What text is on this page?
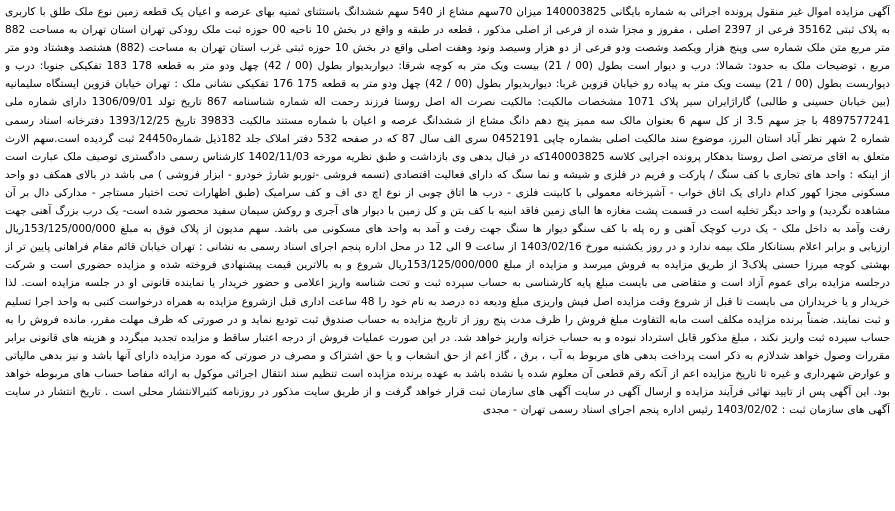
آگهی مزایده اموال غیر منقول پرونده اجرائی به شماره بایگانی 140003825 میزان 70سهم مشاع از 540 سهم ششدانگ باستثنای ثمنیه بهای عرصه و اعیان یک قطعه زمین نوع ملک طلق با کاربری به پلاک ثبتی 35162 فرعی از 2397 اصلی ، مفروز و مجزا شده از فرعی از اصلی مذکور ، قطعه در طبقه و واقع در بخش 10 ناحیه 00 حوزه ثبت ملک رودکی تهران استان تهران به مساحت 882 متر مربع متن ملک شماره سی وپنج هزار ویکصد وشصت ودو فرعی از دو هزار وسیصد ونود وهفت اصلی واقع در بخش 10 حوزه ثبتی غرب استان تهران به مساحت (882) هشتصد وهشتاد ودو متر مربع ، توضیحات ملک به حدود: شمالا: درب و دیوار است بطول (00 / 21) بیست ویک متر به کوچه شرقا: دیواربدیوار بطول (00 / 42) چهل ودو متر به قطعه 178 183 تفکیکی جنوبا: درب و دیواربست بطول (00 / 21) بیست ویک متر به پیاده رو خیابان قزوین غربا: دیواربدیوار بطول (00 / 42) چهل ودو متر به قطعه 175 176 تفکیکی نشانی ملک : تهران خیابان قزوین ایستگاه سلیمانیه (بین خیابان حسینی و طالبی) گاراژایران سیر پلاک 1071 مشخصات مالکیت: مالکیت نصرت اله اصل روستا فرزند رحمت اله شماره شناسنامه 867 تاریخ تولد 1306/09/01 دارای شماره ملی 4897577241 با جز سهم 3.5 از کل سهم 6 بعنوان مالک سه ممیز پنج دهم دانگ مشاع از ششدانگ عرصه و اعیان با شماره مستند مالکیت 39833 تاریخ 1393/12/25 دفترخانه اسناد رسمی شماره 2 شهر نظر آباد استان البرز، موضوع سند مالکیت اصلی بشماره چاپی 0452191 سری الف سال 87 که در صفحه 532 دفتر املاک جلد 182ذیل شماره24450 ثبت گردیده است.سهم الارث متعلق به اقای مرتضی اصل روستا بدهکار پرونده اجرایی کلاسه 140003825که در قبال بدهی وی بازداشت و طبق نظریه مورخه 1402/11/03 کارشناس رسمی دادگستری توصیف ملک عبارت است از اینکه : واحد های تجاری با کف سنگ / پارکت و فریم در فلزی و شیشه و نما سنگ که دارای فعالیت اقتصادی (تسمه فروشی -توربو شارژ خودرو - ابزار فروشی ) می باشد در بالای همکف دو واحد مسکونی مجزا کهور کدام دارای یک اتاق خواب - آشپزخانه معمولی با کابینت فلزی - درب ها اتاق چوبی از نوع اچ دی اف و کف سرامیک (طبق اظهارات تحت اختیار مستاجر - مدارکی دال بر آن مشاهده نگردید) و واحد دیگر تخلیه است در قسمت پشت مغازه ها البای زمین فاقد ابنیه با کف بتن و کل زمین با دیوار های آجری و روکش سیمان سفید محصور شده است- یک درب بزرگ آهنی جهت رفت وآمد به داخل ملک - یک درب کوچک آهنی و ره پله با کف سنگو دیوار ها سنگ جهت رفت و آمد به واحد های مسکونی می باشد. سهم مدیون از پلاک فوق به مبلغ 153/125/000/000ریال ارزیابی و برابر اعلام بستانکار ملک بیمه ندارد و در روز یکشنبه مورخ 1403/02/16 از ساعت 9 الی 12 در محل اداره پنجم اجرای اسناد رسمی به نشانی : تهران خیابان قائم مقام فراهانی پایین تر از بهشتی کوچه میرزا حسنی پلاک3 از طریق مزایده به فروش میرسد و مزایده از مبلغ 153/125/000/000ریال شروع و به بالاترین قیمت پیشنهادی فروخته شده و مزایده حضوری است و شرکت درجلسه مزایده برای عموم آزاد است و متقاضی می بایست مبلغ پایه کارشناسی به حساب سپرده ثبت و تحت شناسه واریز اعلامی و حضور خریدار یا نماینده قانونی او در جلسه مزایده است. لذا خریدار و یا خریداران می بایست تا قبل از شروع وقت مزایده اصل فیش واریزی مبلغ ودیعه ده درصد به نام خود را 48 ساعت اداری قبل ازشروع مزایده به همراه درخواست کتبی به واحد اجرا تسلیم و ثبت نمایند. ضمناً برنده مزایده مکلف است مابه التفاوت مبلغ فروش را ظرف مدت پنج روز از تاریخ مزایده به حساب صندوق ثبت تودیع نماید و در صورتی که ظرف مهلت مقرر، مانده فروش را به حساب سپرده ثبت واریز نکند ، مبلغ مذکور قابل استرداد نبوده و به حساب خزانه واریز خواهد شد. در این صورت عملیات فروش از درجه اعتبار ساقط و مزایده تجدید میگردد و هزینه های قانونی برابر مقررات وصول خواهد شدلازم به ذکر است پرداخت بدهی های مربوط به آب ، برق ، گاز اعم از حق انشعاب و یا حق اشتراک و مصرف در صورتی که مورد مزایده دارای آنها باشد و نیز بدهی مالیاتی و عوارض شهرداری و غیره تا تاریخ مزایده اعم از آنکه رقم قطعی آن معلوم شده یا نشده باشد به عهده برنده مزایده است تنظیم سند انتقال اجرائی موکول به ارائه مفاصا حساب های مربوطه خواهد بود. این آگهی پس از تایید نهائی فرآیند مزایده و ارسال آگهی در سایت آگهی های سازمان ثبت قرار خواهد گرفت و از طریق سایت مذکور در روزنامه کثیرالانتشار محلی است . تاریخ انتشار در سایت آگهی های سازمان ثبت : 1403/02/02 رئیس اداره پنجم اجرای اسناد رسمی تهران - مجدی
